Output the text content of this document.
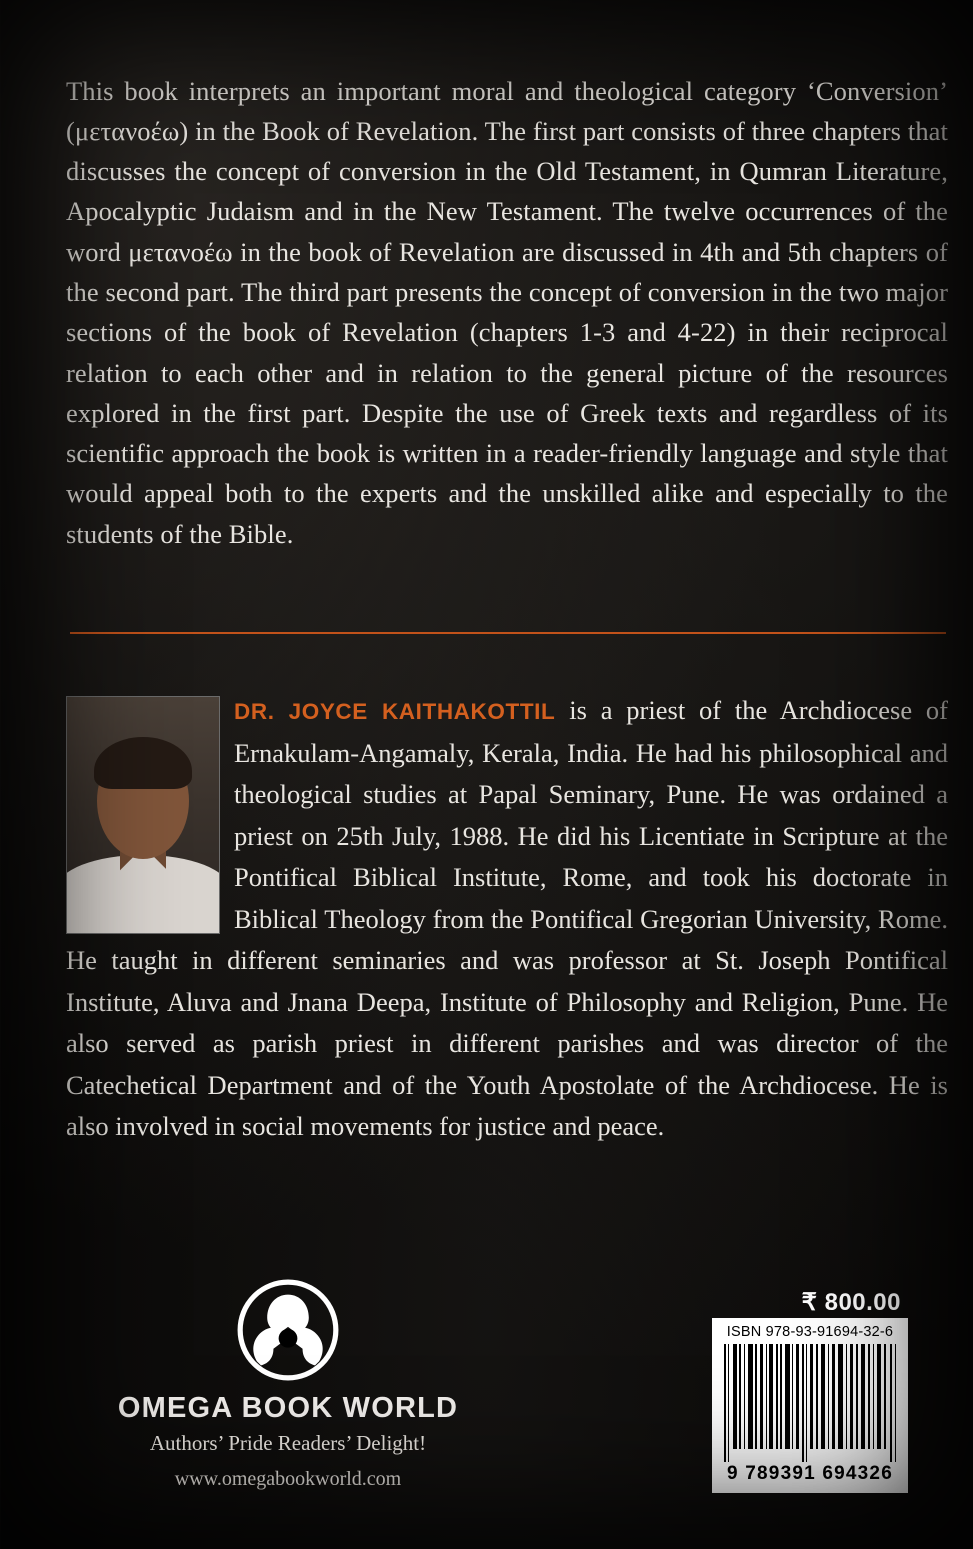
This book interprets an important moral and theological category ‘Conversion’ (μετανοέω) in the Book of Revelation. The first part consists of three chapters that discusses the concept of conversion in the Old Testament, in Qumran Literature, Apocalyptic Judaism and in the New Testament. The twelve occurrences of the word μετανοέω in the book of Revelation are discussed in 4th and 5th chapters of the second part. The third part presents the concept of conversion in the two major sections of the book of Revelation (chapters 1-3 and 4-22) in their reciprocal relation to each other and in relation to the general picture of the resources explored in the first part. Despite the use of Greek texts and regardless of its scientific approach the book is written in a reader-friendly language and style that would appeal both to the experts and the unskilled alike and especially to the students of the Bible.

DR. JOYCE KAITHAKOTTIL is a priest of the Archdiocese of Ernakulam-Angamaly, Kerala, India. He had his philosophical and theological studies at Papal Seminary, Pune. He was ordained a priest on 25th July, 1988. He did his Licentiate in Scripture at the Pontifical Biblical Institute, Rome, and took his doctorate in Biblical Theology from the Pontifical Gregorian University, Rome. He taught in different seminaries and was professor at St. Joseph Pontifical Institute, Aluva and Jnana Deepa, Institute of Philosophy and Religion, Pune. He also served as parish priest in different parishes and was director of the Catechetical Department and of the Youth Apostolate of the Archdiocese. He is also involved in social movements for justice and peace.
OMEGA BOOK WORLD
Authors’ Pride Readers’ Delight!
www.omegabookworld.com
₹ 800.00
ISBN 978-93-91694-32-6
9 789391 694326
